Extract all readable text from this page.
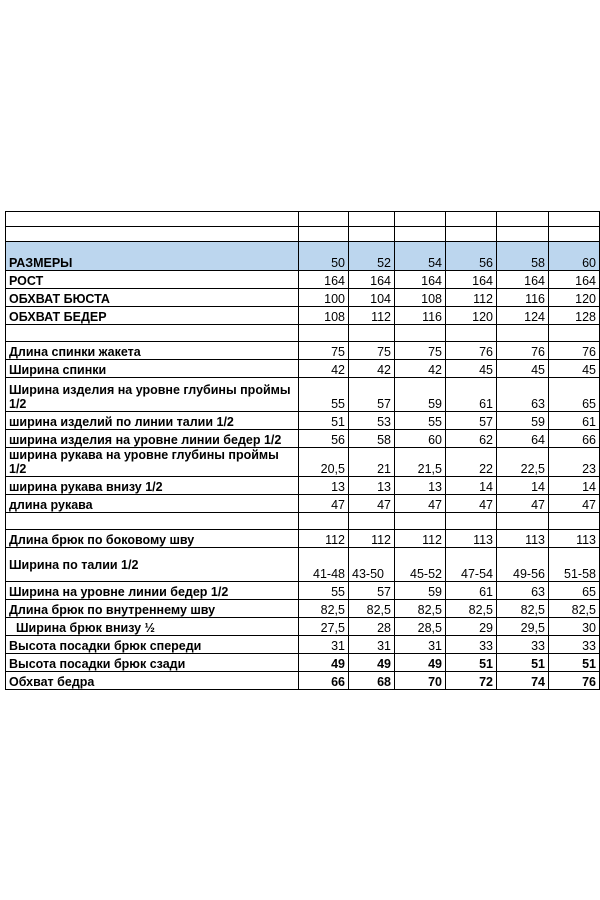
РАЗМЕРЫ	50	52	54	56	58	60
РОСТ	164	164	164	164	164	164
ОБХВАТ БЮСТА	100	104	108	112	116	120
ОБХВАТ БЕДЕР	108	112	116	120	124	128

Длина спинки жакета	75	75	75	76	76	76
Ширина спинки	42	42	42	45	45	45
Ширина изделия на уровне глубины проймы 1/2	55	57	59	61	63	65
ширина изделий по линии талии 1/2	51	53	55	57	59	61
ширина изделия на уровне линии бедер 1/2	56	58	60	62	64	66
ширина рукава на уровне глубины проймы 1/2	20,5	21	21,5	22	22,5	23
ширина рукава внизу 1/2	13	13	13	14	14	14
длина рукава	47	47	47	47	47	47

Длина брюк по боковому шву	112	112	112	113	113	113
Ширина по талии 1/2	41-48	43-50	45-52	47-54	49-56	51-58
Ширина на уровне линии бедер 1/2	55	57	59	61	63	65
Длина брюк по внутреннему шву	82,5	82,5	82,5	82,5	82,5	82,5
Ширина брюк внизу ½	27,5	28	28,5	29	29,5	30
Высота посадки брюк спереди	31	31	31	33	33	33
Высота посадки брюк сзади	49	49	49	51	51	51
Обхват бедра	66	68	70	72	74	76
